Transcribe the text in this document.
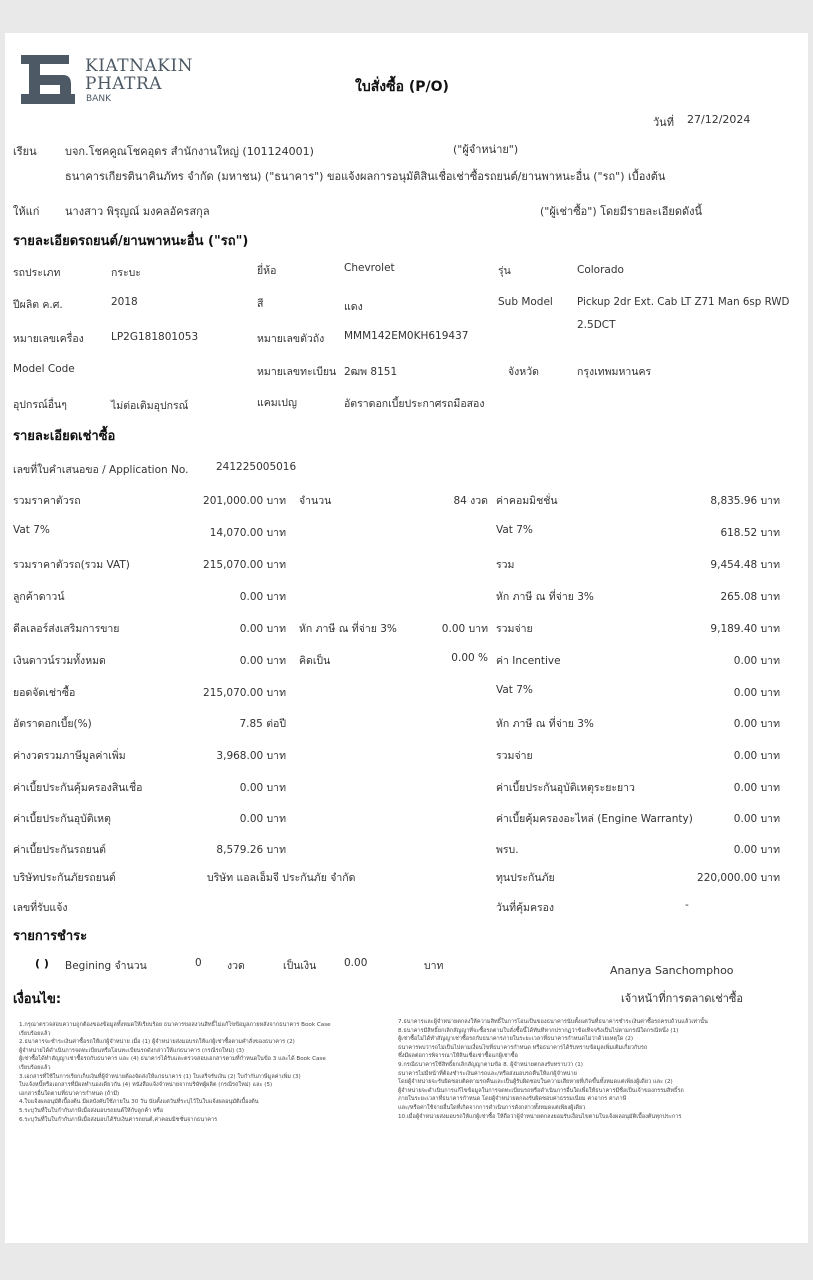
KIATNAKIN
PHATRA
BANK
ใบสั่งซื้อ (P/O)
วันที่ 27/12/2024
เรียน	บจก.โชคคูณโชคอุดร สำนักงานใหญ่ (101124001)	("ผู้จำหน่าย")
ธนาคารเกียรตินาคินภัทร จำกัด (มหาชน) ("ธนาคาร") ขอแจ้งผลการอนุมัติสินเชื่อเช่าซื้อรถยนต์/ยานพาหนะอื่น ("รถ") เบื้องต้น
ให้แก่ นางสาว พิรุญณ์ มงคลอัครสกุล	("ผู้เช่าซื้อ") โดยมีรายละเอียดดังนี้
รายละเอียดรถยนต์/ยานพาหนะอื่น ("รถ")
รถประเภท	กระบะ	ยี่ห้อ	Chevrolet	รุ่น	Colorado
ปีผลิต ค.ศ.	2018	สี	แดง	Sub Model Pickup 2dr Ext. Cab LT Z71 Man 6sp RWD
2.5DCT
หมายเลขเครื่อง	LP2G181801053	หมายเลขตัวถัง MMM142EM0KH619437
Model Code	หมายเลขทะเบียน 2ฒพ 8151	จังหวัด	กรุงเทพมหานคร
อุปกรณ์อื่นๆ	ไม่ต่อเติมอุปกรณ์	แคมเปญ	อัตราดอกเบี้ยประกาศรถมือสอง
รายละเอียดเช่าซื้อ
เลขที่ใบคำเสนอขอ / Application No.	241225005016
รวมราคาตัวรถ	201,000.00 บาท จำนวน	84 งวด ค่าคอมมิชชั่น	8,835.96 บาท
Vat 7%	14,070.00 บาท	Vat 7%	618.52 บาท
รวมราคาตัวรถ(รวม VAT)	215,070.00 บาท	รวม	9,454.48 บาท
ลูกค้าดาวน์	0.00 บาท	หัก ภาษี ณ ที่จ่าย 3%	265.08 บาท
ดีลเลอร์ส่งเสริมการขาย	0.00 บาท หัก ภาษี ณ ที่จ่าย 3%	0.00 บาท รวมจ่าย	9,189.40 บาท
เงินดาวน์รวมทั้งหมด	0.00 บาท คิดเป็น	0.00 % ค่า Incentive	0.00 บาท
ยอดจัดเช่าซื้อ	215,070.00 บาท	Vat 7%	0.00 บาท
อัตราดอกเบี้ย(%)	7.85 ต่อปี	หัก ภาษี ณ ที่จ่าย 3%	0.00 บาท
ค่างวดรวมภาษีมูลค่าเพิ่ม	3,968.00 บาท	รวมจ่าย	0.00 บาท
ค่าเบี้ยประกันคุ้มครองสินเชื่อ	0.00 บาท	ค่าเบี้ยประกันอุบัติเหตุระยะยาว	0.00 บาท
ค่าเบี้ยประกันอุบัติเหตุ	0.00 บาท	ค่าเบี้ยคุ้มครองอะไหล่ (Engine Warranty)	0.00 บาท
ค่าเบี้ยประกันรถยนต์	8,579.26 บาท	พรบ.	0.00 บาท
บริษัทประกันภัยรถยนต์	บริษัท แอลเอ็มจี ประกันภัย จำกัด	ทุนประกันภัย	220,000.00 บาท
เลขที่รับแจ้ง	วันที่คุ้มครอง	-
รายการชำระ
( ) Begining จำนวน	0 งวด	เป็นเงิน	0.00	บาท	Ananya Sanchomphoo
เจ้าหน้าที่การตลาดเช่าซื้อ
เงื่อนไข:
1.กรุณาตรวจสอบความถูกต้องของข้อมูลทั้งหมดให้เรียบร้อย ธนาคารขอสงวนสิทธิ์ไม่แก้ไขข้อมูลภายหลังจากธนาคาร Book Case
เรียบร้อยแล้ว
2.ธนาคารจะชำระเงินค่าซื้อรถให้แก่ผู้จำหน่าย เมื่อ (1) ผู้จำหน่ายส่งมอบรถให้แก่ผู้เช่าซื้อตามคำสั่งของธนาคาร (2)
ผู้จำหน่ายได้ดำเนินการจดทะเบียนหรือโอนทะเบียนรถดังกล่าวให้แก่ธนาคาร (กรณีรถใหม่) (3)
ผู้เช่าซื้อได้ทำสัญญาเช่าซื้อรถกับธนาคาร และ (4) ธนาคารได้รับและตรวจสอบเอกสารตามที่กำหนดในข้อ 3 และได้ Book Case
เรียบร้อยแล้ว
3.เอกสารที่ใช้ในการเรียกเก็บเงินที่ผู้จำหน่ายต้องจัดส่งให้แก่ธนาคาร (1) ใบเสร็จรับเงิน (2) ใบกำกับภาษีมูลค่าเพิ่ม (3)
ใบแจ้งหนี้หรือเอกสารที่มีผลทำนองเดียวกัน (4) หนังสือแจ้งจำหน่ายจากบริษัทผู้ผลิต (กรณีรถใหม่) และ (5)
เอกสารอื่นใดตามที่ธนาคารกำหนด (ถ้ามี)
4.ใบแจ้งผลอนุมัติเบื้องต้น มีผลบังคับใช้ภายใน 30 วัน นับตั้งแต่วันที่ระบุไว้ในใบแจ้งผลอนุมัติเบื้องต้น
5.ระบุวันที่ในใบกำกับภาษีเมื่อส่งมอบรถยนต์ให้กับลูกค้า หรือ
6.ระบุวันที่ในใบกำกับภาษีเมื่อส่งมอบได้รับเงินค่ารถยนต์,ค่าคอมมิชชั่นจากธนาคาร
7.ธนาคารและผู้จำหน่ายตกลงให้ความสิทธิ์ในการโอนเป็นของธนาคารนับตั้งแต่วันที่ธนาคารชำระเงินค่าซื้อรถครบถ้วนแล้วเท่านั้น
8.ธนาคารมีสิทธิ์ยกเลิกสัญญาที่จะซื้อรถตามใบสั่งซื้อนี้ได้ทันทีหากปรากฏว่าข้อเท็จจริงเป็นไปตามกรณีใดกรณีหนึ่ง (1)
ผู้เช่าซื้อไม่ได้ทำสัญญาเช่าซื้อรถกับธนาคารภายในระยะเวลาที่ธนาคารกำหนดไม่ว่าด้วยเหตุใด (2)
ธนาคารพบว่ารถไม่เป็นไปตามเงื่อนไขที่ธนาคารกำหนด หรือธนาคารได้รับทราบข้อมูลเพิ่มเติมเกี่ยวกับรถ
ซึ่งมีผลต่อการพิจารณาให้สินเชื่อเช่าซื้อแก่ผู้เช่าซื้อ
9.กรณีธนาคารใช้สิทธิ์ยกเลิกสัญญาตามข้อ 8. ผู้จำหน่ายตกลงรับทราบว่า (1)
ธนาคารไม่มีหน้าที่ต้องชำระเงินค่ารถและ/หรือส่งมอบรถคืนให้แก่ผู้จำหน่าย
โดยผู้จำหน่ายจะรับผิดชอบติดตามรถคืนและเป็นผู้รับผิดชอบในความเสียหายที่เกิดขึ้นทั้งหมดแต่เพียงผู้เดียว และ (2)
ผู้จำหน่ายจะดำเนินการแก้ไขข้อมูลในการจดทะเบียนรถหรือดำเนินการอื่นใดเพื่อให้ธนาคารมีชื่อเป็นเจ้าของกรรมสิทธิ์รถ
ภายในระยะเวลาที่ธนาคารกำหนด โดยผู้จำหน่ายตกลงรับผิดชอบค่าธรรมเนียม ค่าอากร ค่าภาษี
และ/หรือค่าใช้จ่ายอื่นใดที่เกิดจากการดำเนินการดังกล่าวทั้งหมดแต่เพียงผู้เดียว
10.เมื่อผู้จำหน่ายส่งมอบรถให้แก่ผู้เช่าซื้อ ให้ถือว่าผู้จำหน่ายตกลงยอมรับเงื่อนไขตามใบแจ้งผลอนุมัติเบื้องต้นทุกประการ
